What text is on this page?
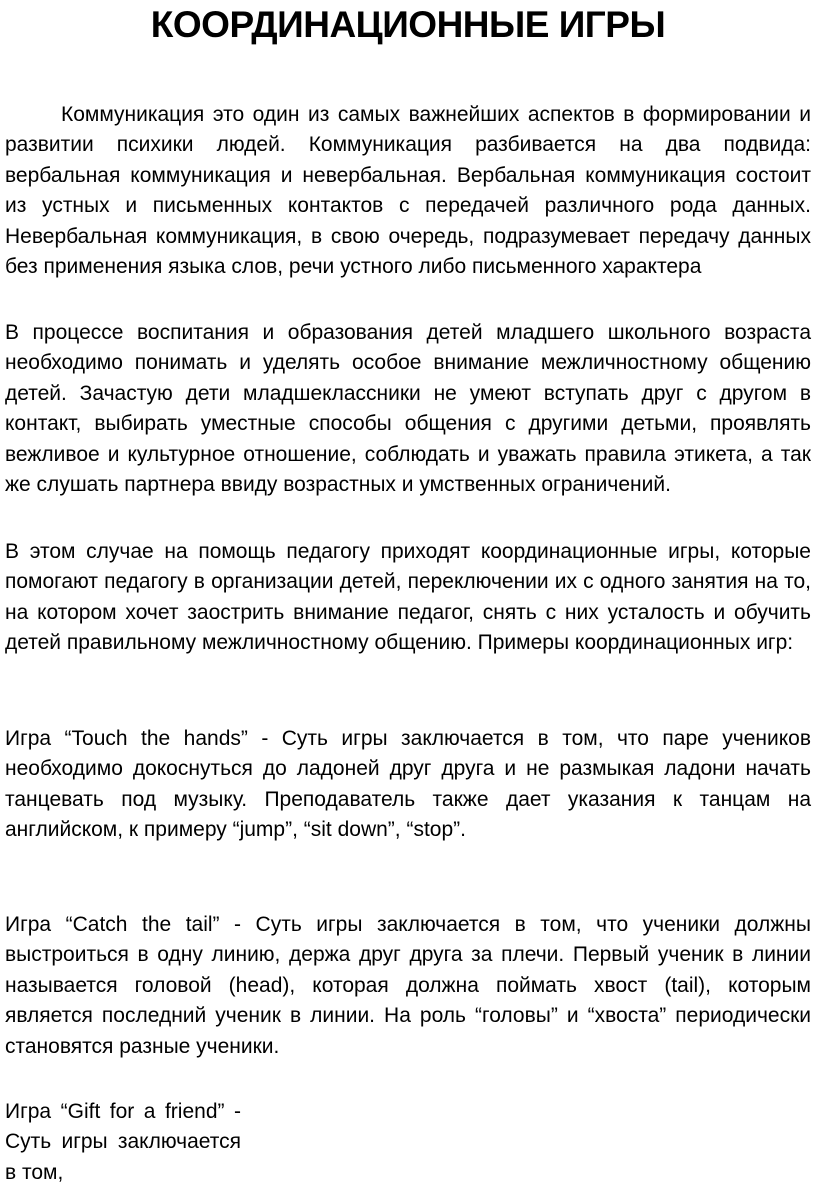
КООРДИНАЦИОННЫЕ ИГРЫ

Коммуникация это один из самых важнейших аспектов в формировании и развитии психики людей. Коммуникация разбивается на два подвида: вербальная коммуникация и невербальная. Вербальная коммуникация состоит из устных и письменных контактов с передачей различного рода данных. Невербальная коммуникация, в свою очередь, подразумевает передачу данных без применения языка слов, речи устного либо письменного характера

В процессе воспитания и образования детей младшего школьного возраста необходимо понимать и уделять особое внимание межличностному общению детей. Зачастую дети младшеклассники не умеют вступать друг с другом в контакт, выбирать уместные способы общения с другими детьми, проявлять вежливое и культурное отношение, соблюдать и уважать правила этикета, а так же слушать партнера ввиду возрастных и умственных ограничений.

В этом случае на помощь педагогу приходят координационные игры, которые помогают педагогу в организации детей, переключении их с одного занятия на то, на котором хочет заострить внимание педагог, снять с них усталость и обучить детей правильному межличностному общению. Примеры координационных игр:

Игра “Touch the hands” - Суть игры заключается в том, что паре учеников необходимо докоснуться до ладоней друг друга и не размыкая ладони начать танцевать под музыку. Преподаватель также дает указания к танцам на английском, к примеру “jump”, “sit down”, “stop”.

Игра “Catch the tail” - Суть игры заключается в том, что ученики должны выстроиться в одну линию, держа друг друга за плечи. Первый ученик в линии называется головой (head), которая должна поймать хвост (tail), которым является последний ученик в линии. На роль “головы” и “хвоста” периодически становятся разные ученики.

Игра “Gift for a friend” - Суть игры заключается в том,
